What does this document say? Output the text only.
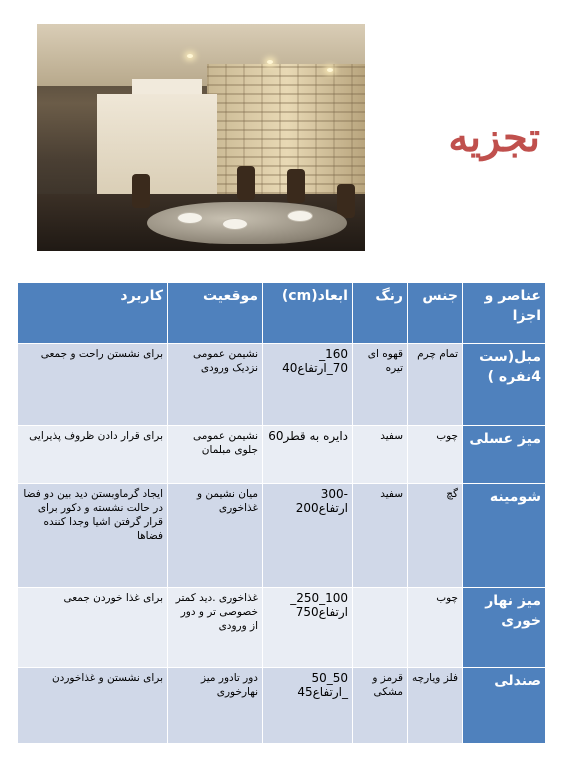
تجزیه
عناصر و اجزا	جنس	رنگ	ابعاد(cm)	موقعیت	کاربرد
مبل(ست 4نفره )	تمام چرم	قهوه ای تیره	160_ 70_ارتفاع40	نشیمن عمومی نزدیک ورودی	برای نشستن راحت و جمعی
میز عسلی	چوب	سفید	دایره به قطر60	نشیمن عمومی جلوی مبلمان	برای قرار دادن ظروف پذیرایی
شومینه	گچ	سفید	-300 ارتفاع200	میان نشیمن و غذاخوری	ایجاد گرماوبستن دید بین دو فضا در حالت نشسته و دکور برای قرار گرفتن اشیا وجدا کننده فضاها
میز نهار خوری	چوب		100_250_ ارتفاع750	غذاخوری .دید کمتر خصوصی تر و دور از ورودی	برای غذا خوردن جمعی
صندلی	فلز ویارچه	قرمز و مشکی	50_50 _ارتفاع45	دور تادور میز نهارخوری	برای نشستن و غذاخوردن
